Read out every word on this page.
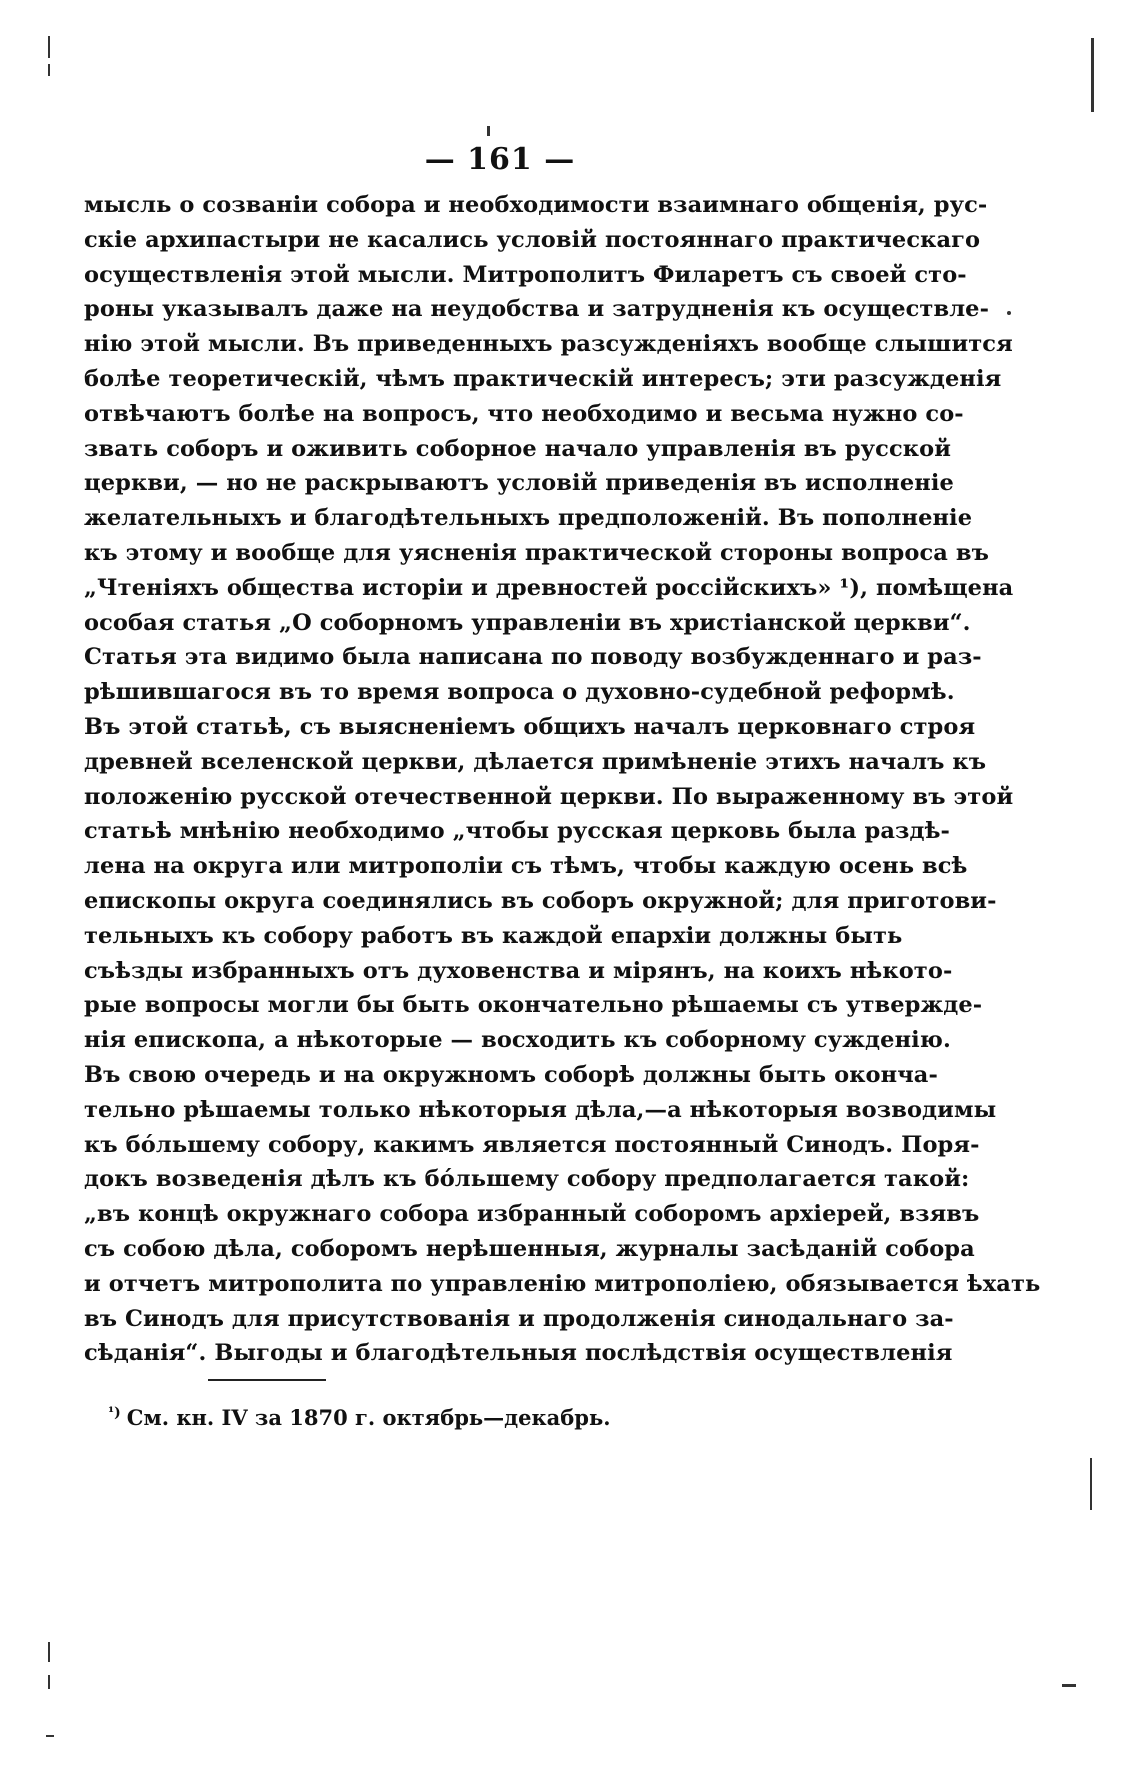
— 161 —
мысль о созваніи собора и необходимости взаимнаго общенія, рус-
скіе архипастыри не касались условій постояннаго практическаго
осуществленія этой мысли. Митрополитъ Филаретъ съ своей сто-
роны указывалъ даже на неудобства и затрудненія къ осуществле-
нію этой мысли. Въ приведенныхъ разсужденіяхъ вообще слышится
болѣе теоретическій, чѣмъ практическій интересъ; эти разсужденія
отвѣчаютъ болѣе на вопросъ, что необходимо и весьма нужно со-
звать соборъ и оживить соборное начало управленія въ русской
церкви, — но не раскрываютъ условій приведенія въ исполненіе
желательныхъ и благодѣтельныхъ предположеній. Въ пополненіе
къ этому и вообще для уясненія практической стороны вопроса въ
„Чтеніяхъ общества исторіи и древностей россійскихъ» ¹), помѣщена
особая статья „О соборномъ управленіи въ христіанской церкви“.
Статья эта видимо была написана по поводу возбужденнаго и раз-
рѣшившагося въ то время вопроса о духовно-судебной реформѣ.
Въ этой статьѣ, съ выясненіемъ общихъ началъ церковнаго строя
древней вселенской церкви, дѣлается примѣненіе этихъ началъ къ
положенію русской отечественной церкви. По выраженному въ этой
статьѣ мнѣнію необходимо „чтобы русская церковь была раздѣ-
лена на округа или митрополіи съ тѣмъ, чтобы каждую осень всѣ
епископы округа соединялись въ соборъ окружной; для приготови-
тельныхъ къ собору работъ въ каждой епархіи должны быть
съѣзды избранныхъ отъ духовенства и мірянъ, на коихъ нѣкото-
рые вопросы могли бы быть окончательно рѣшаемы съ утвержде-
нія епископа, а нѣкоторые — восходить къ соборному сужденію.
Въ свою очередь и на окружномъ соборѣ должны быть оконча-
тельно рѣшаемы только нѣкоторыя дѣла,—а нѣкоторыя возводимы
къ бóльшему собору, какимъ является постоянный Синодъ. Поря-
докъ возведенія дѣлъ къ бóльшему собору предполагается такой:
„въ концѣ окружнаго собора избранный соборомъ архіерей, взявъ
съ собою дѣла, соборомъ нерѣшенныя, журналы засѣданій собора
и отчетъ митрополита по управленію митрополіею, обязывается ѣхать
въ Синодъ для присутствованія и продолженія синодальнаго за-
сѣданія“. Выгоды и благодѣтельныя послѣдствія осуществленія
$^{^1)}$ См. кн. IV за 1870 г. октябрь—декабрь.
